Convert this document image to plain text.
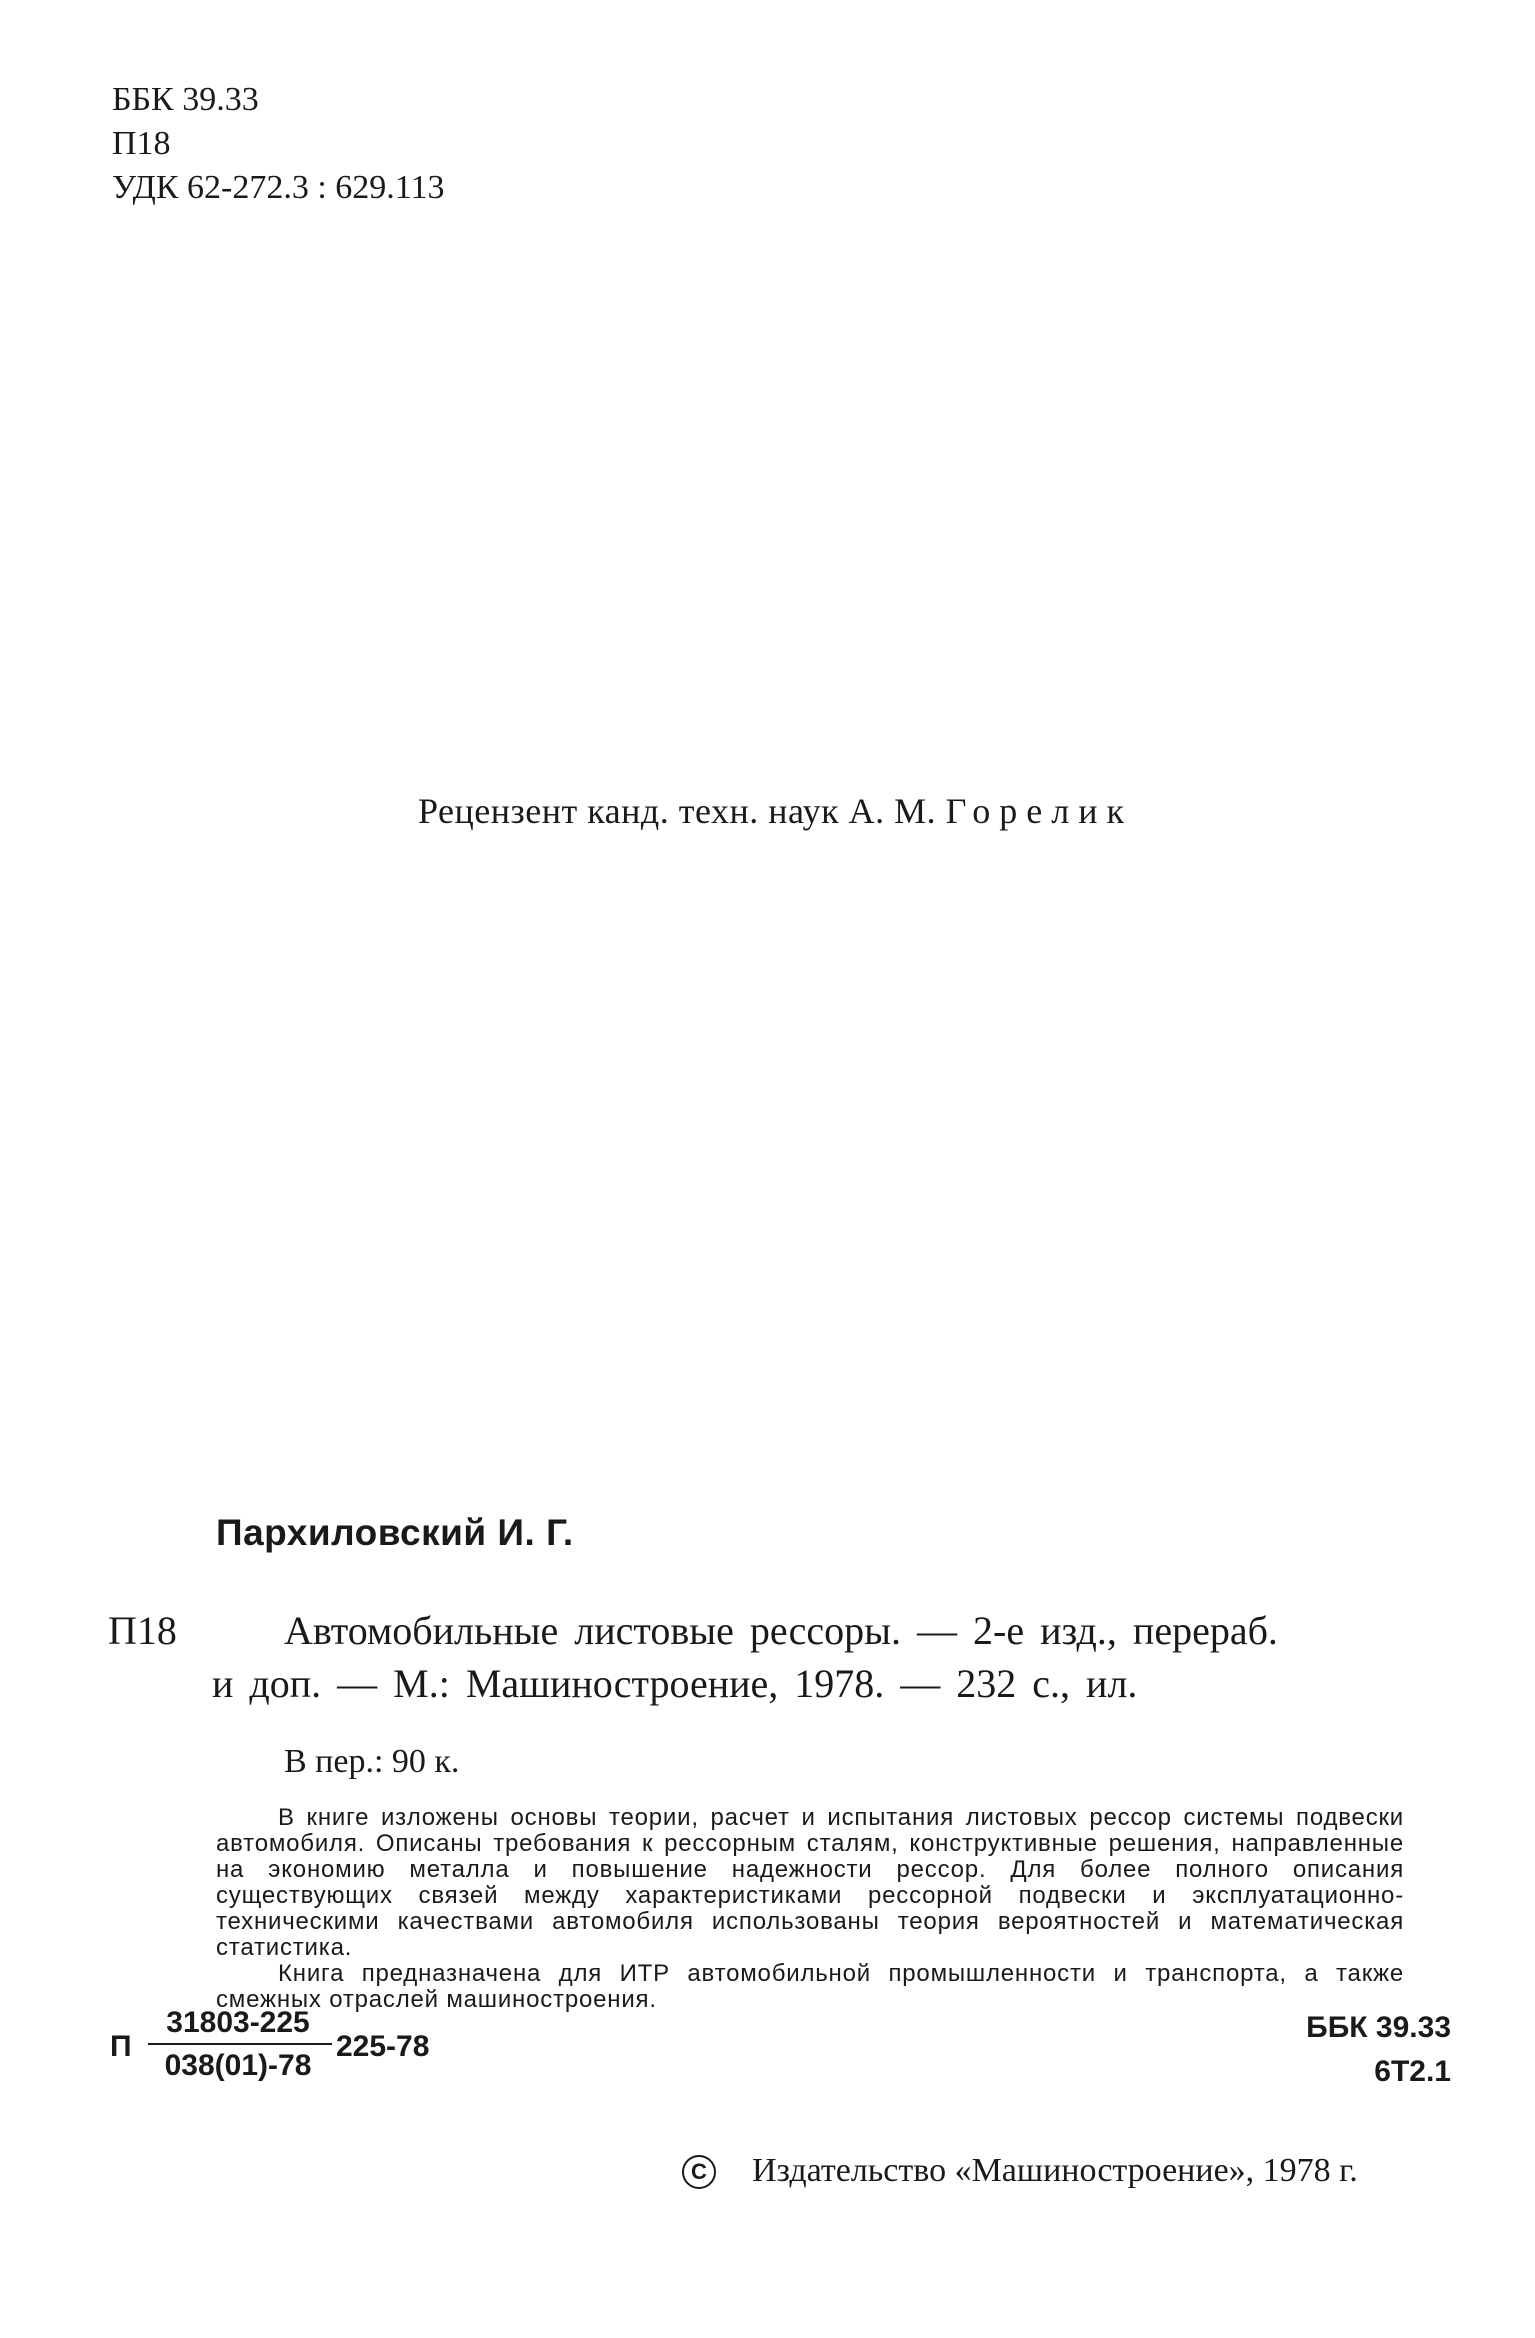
ББК 39.33
П18
УДК 62-272.3 : 629.113
Рецензент канд. техн. наук А. М. Горелик
Пархиловский И. Г.
П18	Автомобильные листовые рессоры. — 2-е изд., перераб.
и доп. — М.: Машиностроение, 1978. — 232 с., ил.
В пер.: 90 к.

В книге изложены основы теории, расчет и испытания листовых рессор системы подвески автомобиля. Описаны требования к рессорным сталям, конструктивные решения, направленные на экономию металла и повышение надежности рессор. Для более полного описания существующих связей между характеристиками рессорной подвески и эксплуатационно-техническими качествами автомобиля использованы теория вероятностей и математическая статистика.

Книга предназначена для ИТР автомобильной промышленности и транспорта, а также смежных отраслей машиностроения.

П
31803-225
038(01)-78
225-78
ББК 39.33
6Т2.1
C Издательство «Машиностроение», 1978 г.
